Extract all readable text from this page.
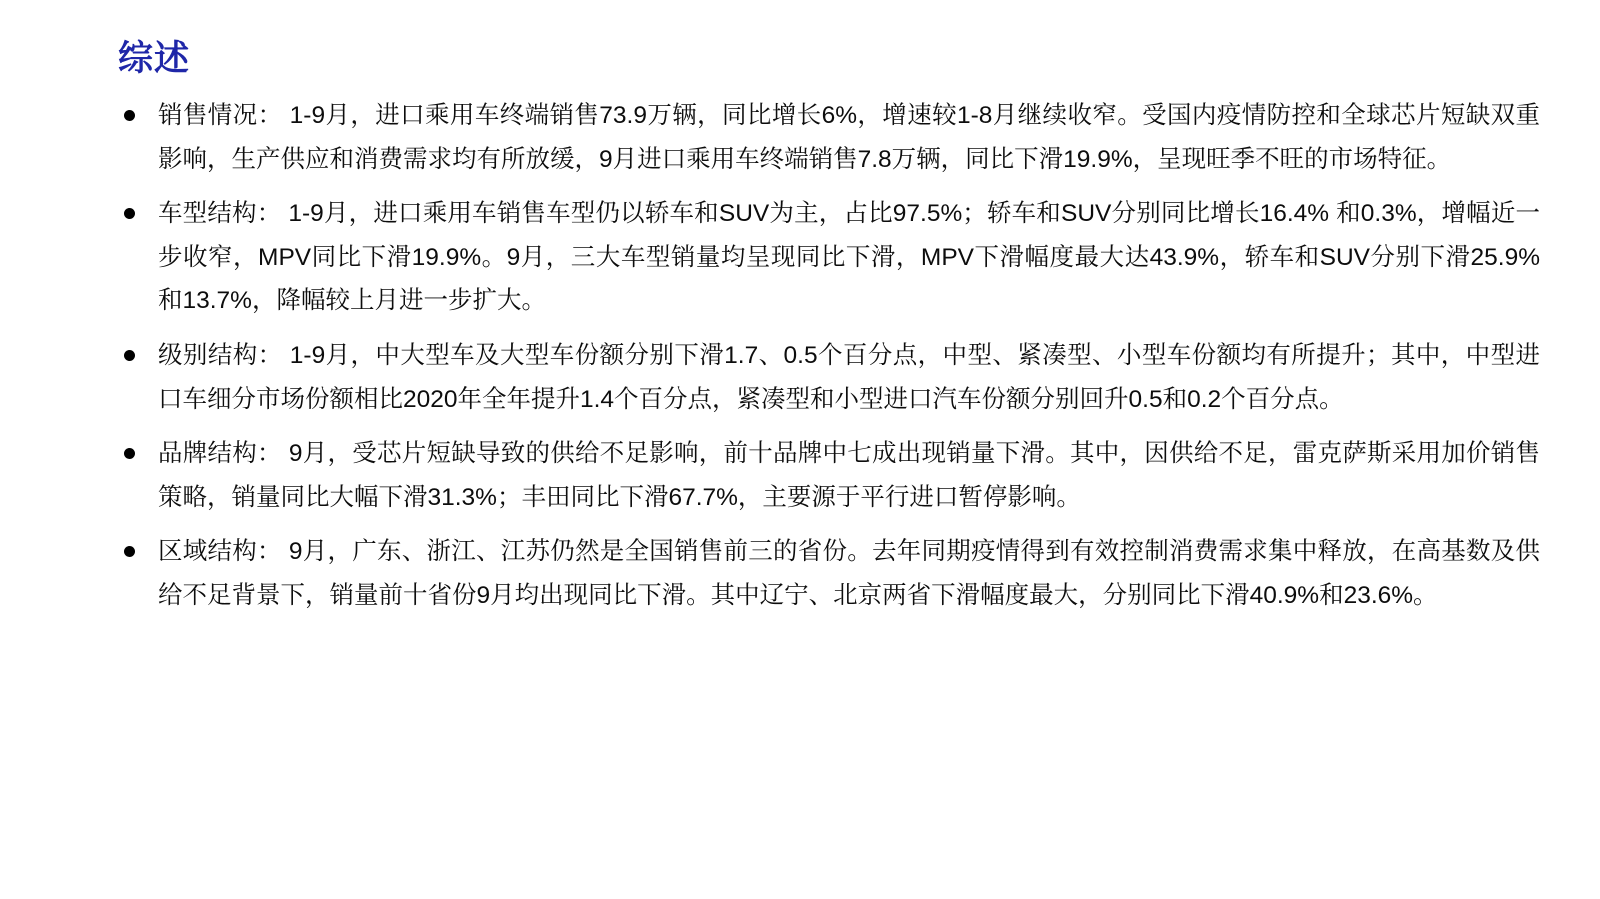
综述
销售情况： 1-9月，进口乘用车终端销售73.9万辆，同比增长6%，增速较1-8月继续收窄。受国内疫情防控和全球芯片短缺双重影响，生产供应和消费需求均有所放缓，9月进口乘用车终端销售7.8万辆，同比下滑19.9%，呈现旺季不旺的市场特征。
车型结构： 1-9月，进口乘用车销售车型仍以轿车和SUV为主，占比97.5%；轿车和SUV分别同比增长16.4% 和0.3%，增幅近一步收窄，MPV同比下滑19.9%。9月，三大车型销量均呈现同比下滑，MPV下滑幅度最大达43.9%，轿车和SUV分别下滑25.9%和13.7%，降幅较上月进一步扩大。
级别结构： 1-9月，中大型车及大型车份额分别下滑1.7、0.5个百分点，中型、紧凑型、小型车份额均有所提升；其中，中型进口车细分市场份额相比2020年全年提升1.4个百分点，紧凑型和小型进口汽车份额分别回升0.5和0.2个百分点。
品牌结构： 9月，受芯片短缺导致的供给不足影响，前十品牌中七成出现销量下滑。其中，因供给不足，雷克萨斯采用加价销售策略，销量同比大幅下滑31.3%；丰田同比下滑67.7%，主要源于平行进口暂停影响。
区域结构： 9月，广东、浙江、江苏仍然是全国销售前三的省份。去年同期疫情得到有效控制消费需求集中释放，在高基数及供给不足背景下，销量前十省份9月均出现同比下滑。其中辽宁、北京两省下滑幅度最大，分别同比下滑40.9%和23.6%。
